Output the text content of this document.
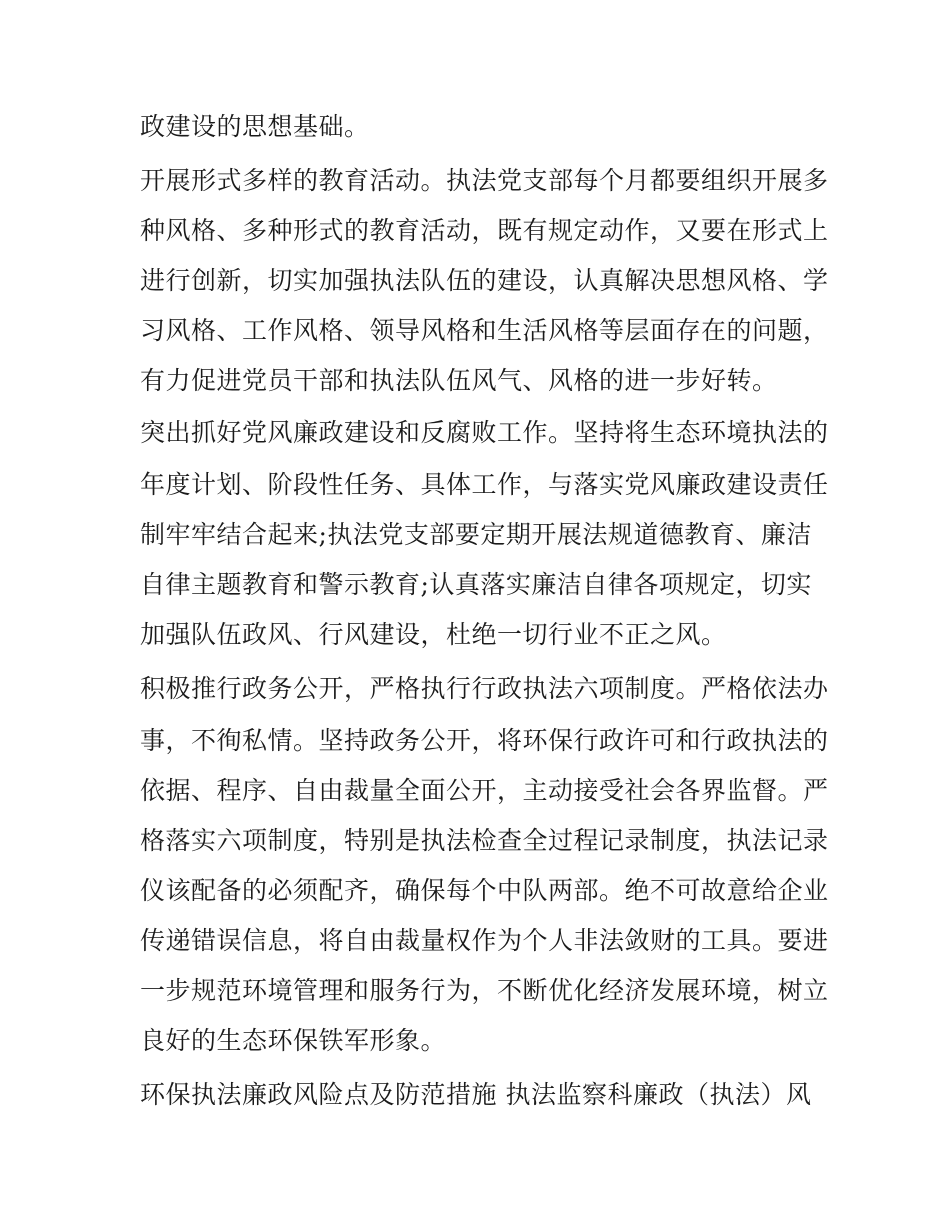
政建设的思想基础。
开展形式多样的教育活动。执法党支部每个月都要组织开展多
种风格、多种形式的教育活动，既有规定动作，又要在形式上
进行创新，切实加强执法队伍的建设，认真解决思想风格、学
习风格、工作风格、领导风格和生活风格等层面存在的问题，
有力促进党员干部和执法队伍风气、风格的进一步好转。
突出抓好党风廉政建设和反腐败工作。坚持将生态环境执法的
年度计划、阶段性任务、具体工作，与落实党风廉政建设责任
制牢牢结合起来;执法党支部要定期开展法规道德教育、廉洁
自律主题教育和警示教育;认真落实廉洁自律各项规定，切实
加强队伍政风、行风建设，杜绝一切行业不正之风。
积极推行政务公开，严格执行行政执法六项制度。严格依法办
事，不徇私情。坚持政务公开，将环保行政许可和行政执法的
依据、程序、自由裁量全面公开，主动接受社会各界监督。严
格落实六项制度，特别是执法检查全过程记录制度，执法记录
仪该配备的必须配齐，确保每个中队两部。绝不可故意给企业
传递错误信息，将自由裁量权作为个人非法敛财的工具。要进
一步规范环境管理和服务行为，不断优化经济发展环境，树立
良好的生态环保铁军形象。
环保执法廉政风险点及防范措施 执法监察科廉政（执法）风
